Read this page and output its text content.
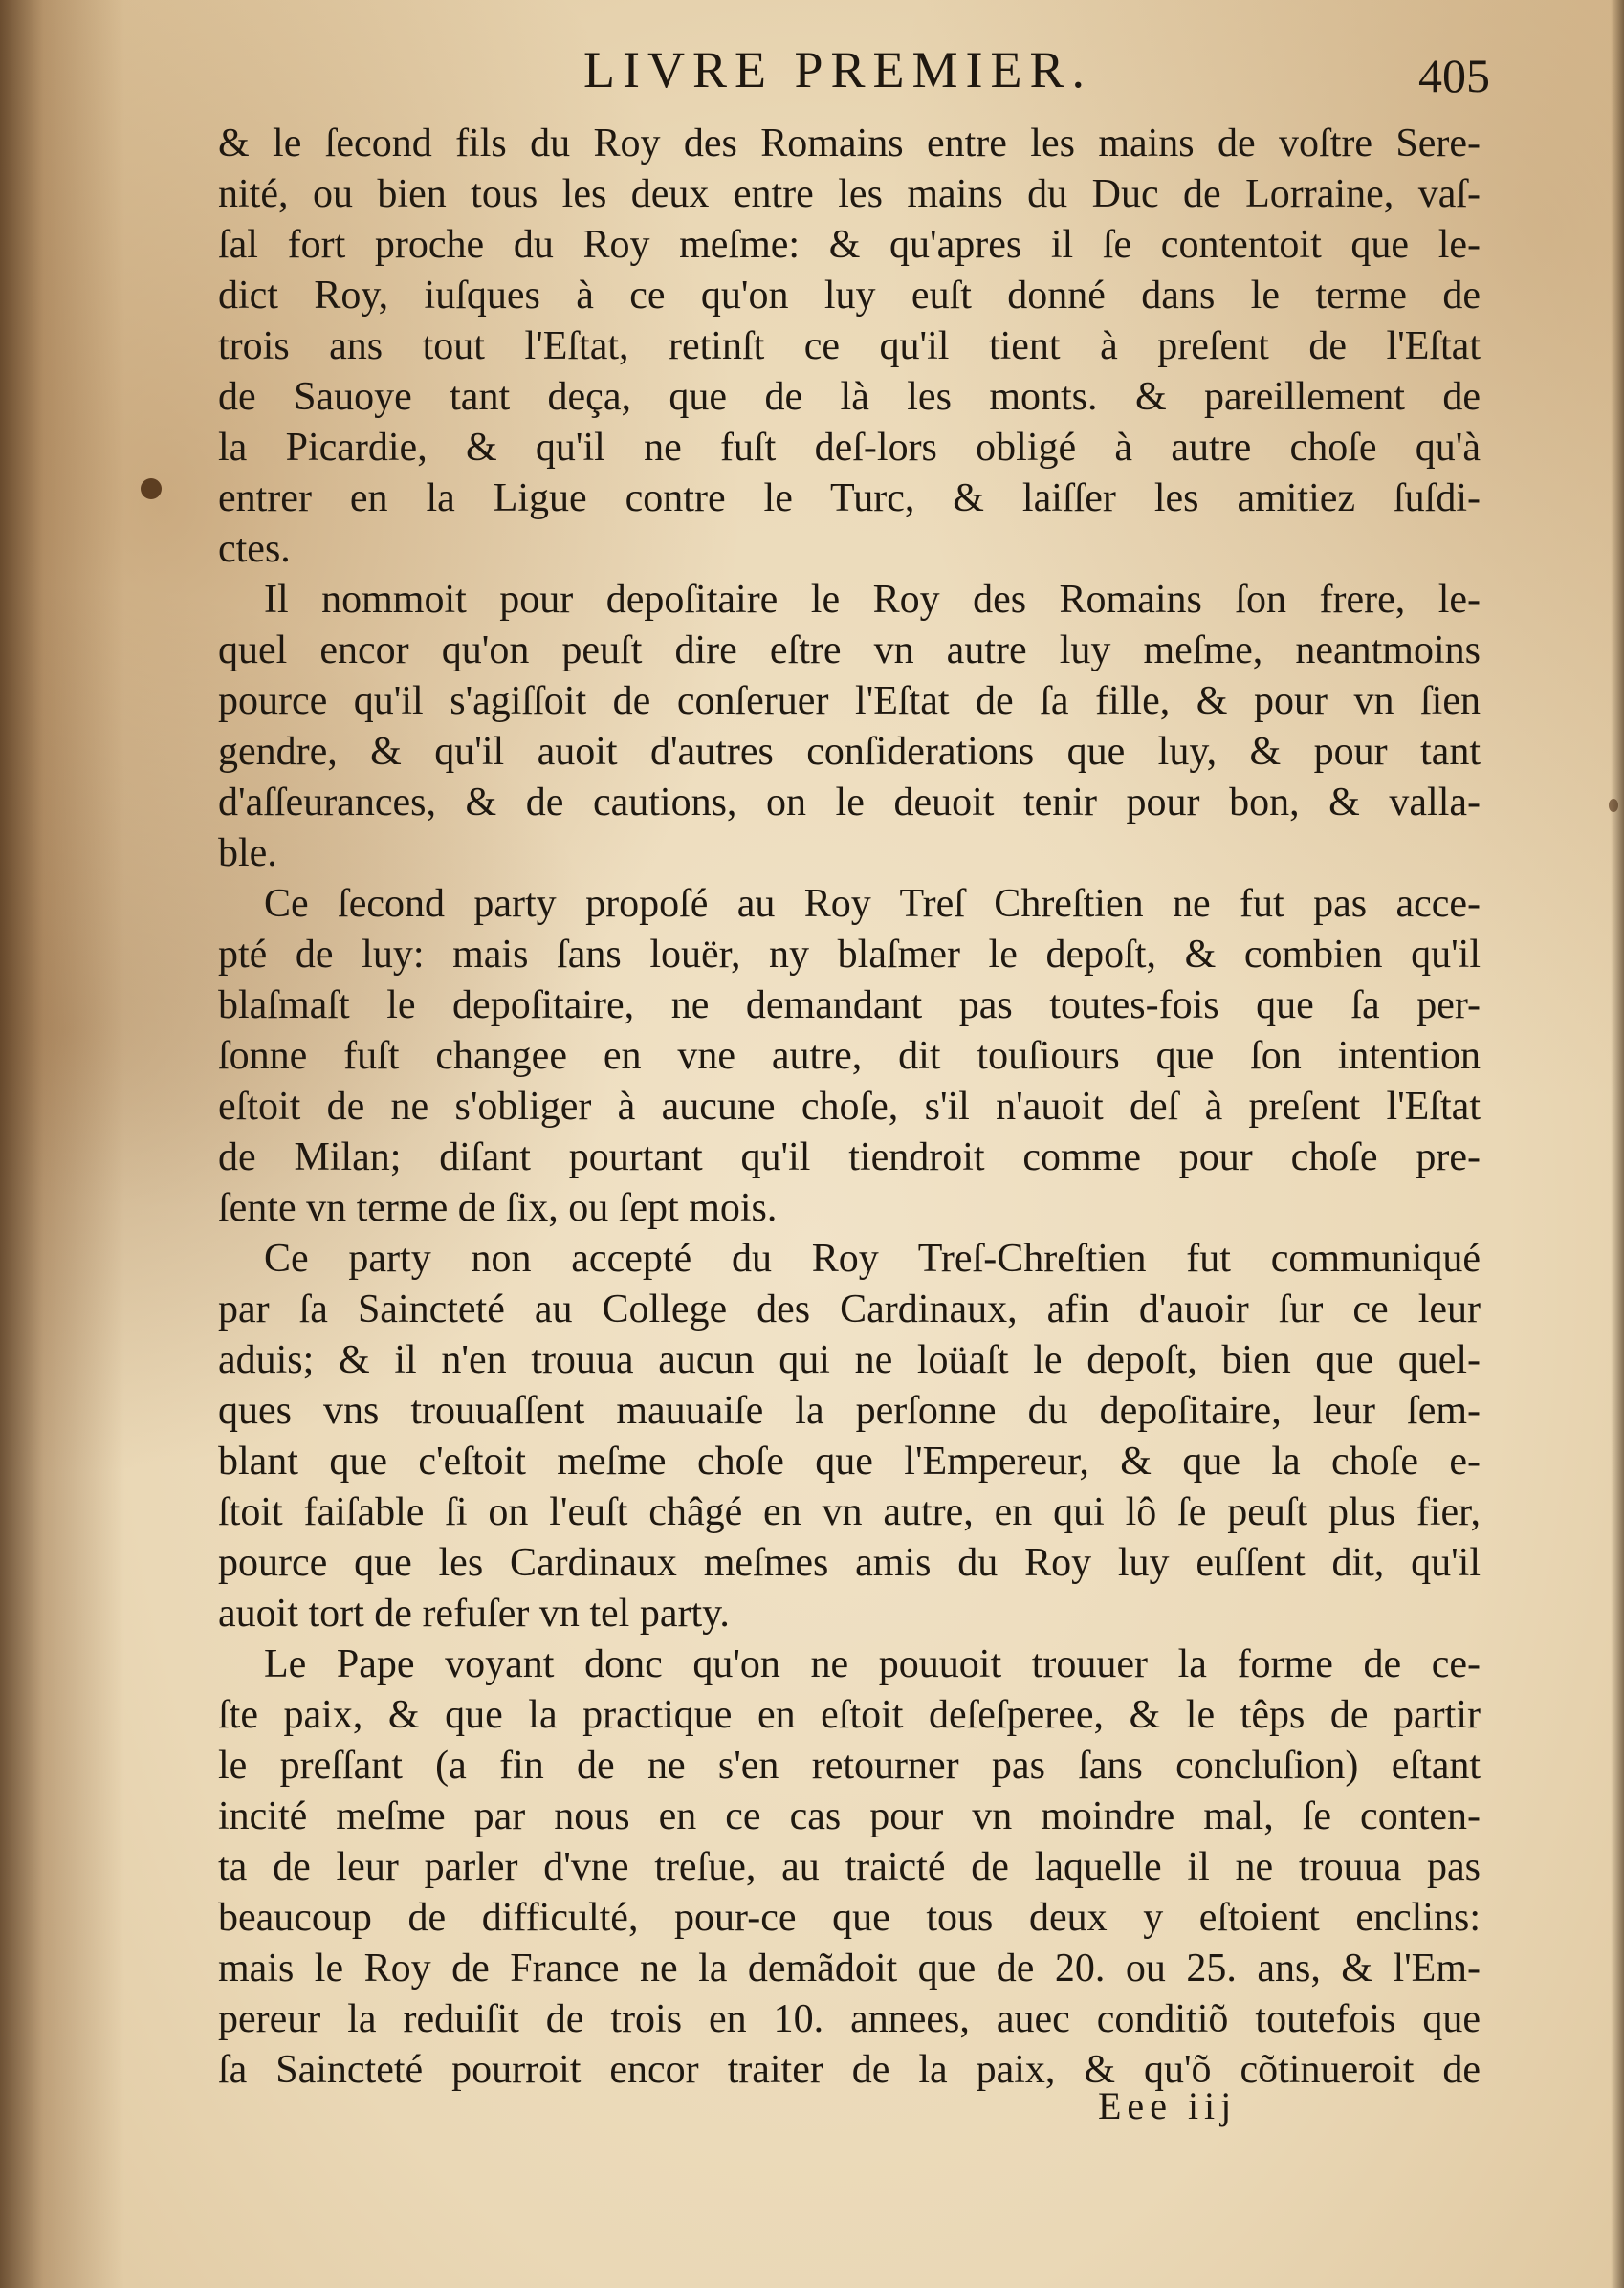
LIVRE PREMIER.	405
& le ſecond fils du Roy des Romains entre les mains de voſtre Sere-
nité, ou bien tous les deux entre les mains du Duc de Lorraine, vaſ-
ſal fort proche du Roy meſme: & qu'apres il ſe contentoit que le-
dict Roy, iuſques à ce qu'on luy euſt donné dans le terme de
trois ans tout l'Eſtat, retinſt ce qu'il tient à preſent de l'Eſtat
de Sauoye tant deça, que de là les monts. & pareillement de
la Picardie, & qu'il ne fuſt deſ-lors obligé à autre choſe qu'à
entrer en la Ligue contre le Turc, & laiſſer les amitiez ſuſdi-
ctes.
Il nommoit pour depoſitaire le Roy des Romains ſon frere, le-
quel encor qu'on peuſt dire eſtre vn autre luy meſme, neantmoins
pource qu'il s'agiſſoit de conſeruer l'Eſtat de ſa fille, & pour vn ſien
gendre, & qu'il auoit d'autres conſiderations que luy, & pour tant
d'aſſeurances, & de cautions, on le deuoit tenir pour bon, & valla-
ble.
Ce ſecond party propoſé au Roy Treſ Chreſtien ne fut pas acce-
pté de luy: mais ſans louër, ny blaſmer le depoſt, & combien qu'il
blaſmaſt le depoſitaire, ne demandant pas toutes-fois que ſa per-
ſonne fuſt changee en vne autre, dit touſiours que ſon intention
eſtoit de ne s'obliger à aucune choſe, s'il n'auoit deſ à preſent l'Eſtat
de Milan; diſant pourtant qu'il tiendroit comme pour choſe pre-
ſente vn terme de ſix, ou ſept mois.
Ce party non accepté du Roy Treſ-Chreſtien fut communiqué
par ſa Saincteté au College des Cardinaux, afin d'auoir ſur ce leur
aduis; & il n'en trouua aucun qui ne loüaſt le depoſt, bien que quel-
ques vns trouuaſſent mauuaiſe la perſonne du depoſitaire, leur ſem-
blant que c'eſtoit meſme choſe que l'Empereur, & que la choſe e-
ſtoit faiſable ſi on l'euſt châgé en vn autre, en qui lô ſe peuſt plus fier,
pource que les Cardinaux meſmes amis du Roy luy euſſent dit, qu'il
auoit tort de refuſer vn tel party.
Le Pape voyant donc qu'on ne pouuoit trouuer la forme de ce-
ſte paix, & que la practique en eſtoit deſeſperee, & le têps de partir
le preſſant (a fin de ne s'en retourner pas ſans concluſion) eſtant
incité meſme par nous en ce cas pour vn moindre mal, ſe conten-
ta de leur parler d'vne treſue, au traicté de laquelle il ne trouua pas
beaucoup de difficulté, pour-ce que tous deux y eſtoient enclins:
mais le Roy de France ne la demãdoit que de 20. ou 25. ans, & l'Em-
pereur la reduiſit de trois en 10. annees, auec conditiõ toutefois que
ſa Saincteté pourroit encor traiter de la paix, & qu'õ cõtinueroit de
Eee iij
